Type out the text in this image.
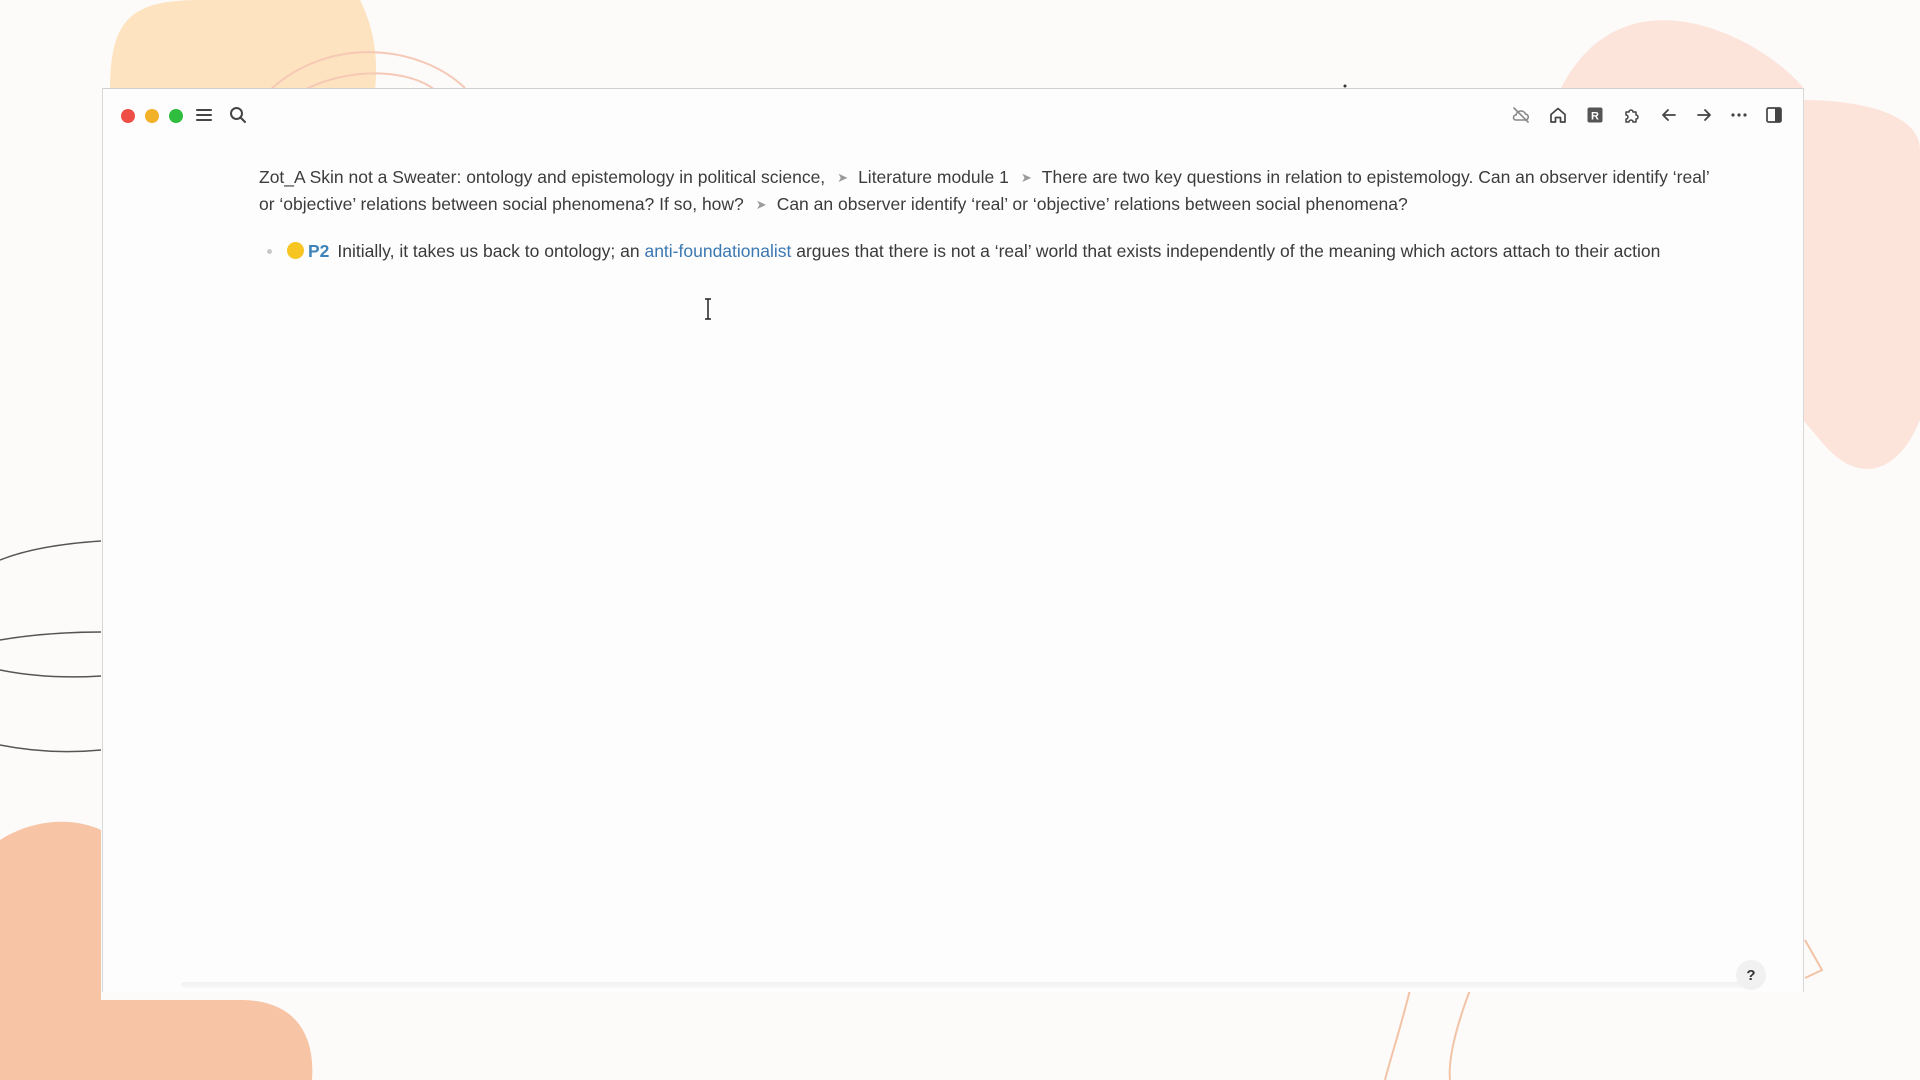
R
Zot_A Skin not a Sweater: ontology and epistemology in political science, ➤ Literature module 1 ➤ There are two key questions in relation to epistemology. Can an observer identify ‘real’ or ‘objective’ relations between social phenomena? If so, how? ➤ Can an observer identify ‘real’ or ‘objective’ relations between social phenomena?
P2 Initially, it takes us back to ontology; an anti-foundationalist argues that there is not a ‘real’ world that exists independently of the meaning which actors attach to their action
?
